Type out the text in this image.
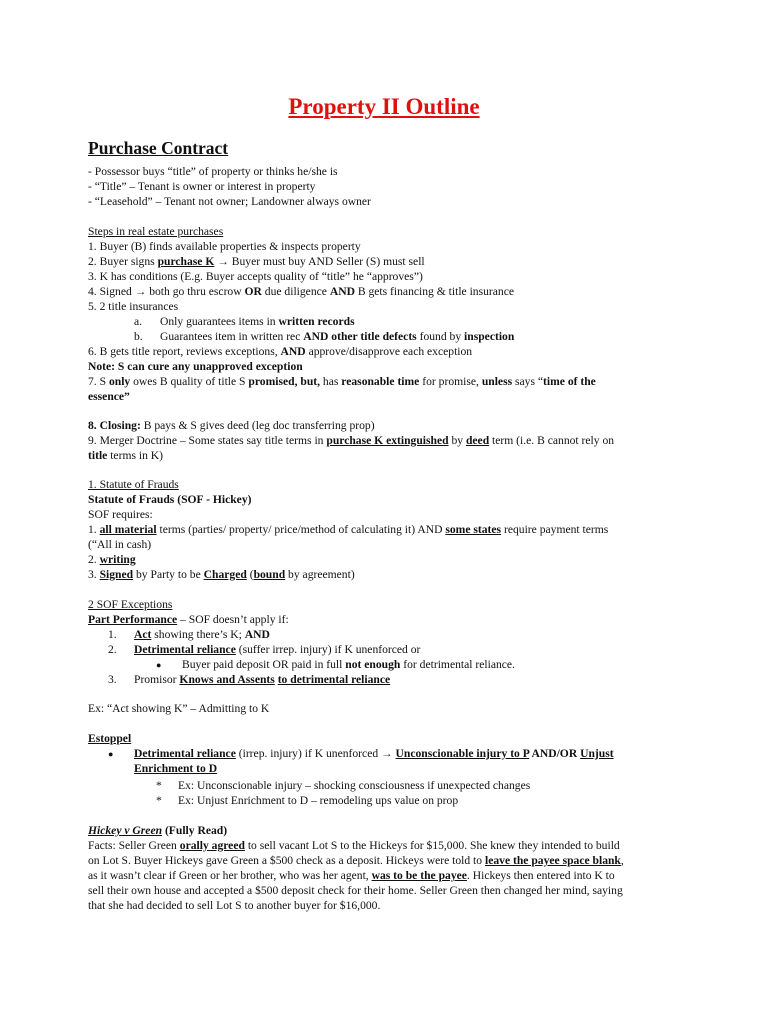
Property II Outline
Purchase Contract
- Possessor buys “title” of property or thinks he/she is
- “Title” – Tenant is owner or interest in property
- “Leasehold” – Tenant not owner; Landowner always owner
Steps in real estate purchases
1. Buyer (B) finds available properties & inspects property
2. Buyer signs purchase K → Buyer must buy AND Seller (S) must sell
3. K has conditions (E.g. Buyer accepts quality of “title” he “approves”)
4. Signed → both go thru escrow OR due diligence AND B gets financing & title insurance
5. 2 title insurances
a. Only guarantees items in written records
b. Guarantees item in written rec AND other title defects found by inspection
6. B gets title report, reviews exceptions, AND approve/disapprove each exception
Note: S can cure any unapproved exception
7. S only owes B quality of title S promised, but, has reasonable time for promise, unless says “time of the
essence”
8. Closing: B pays & S gives deed (leg doc transferring prop)
9. Merger Doctrine – Some states say title terms in purchase K extinguished by deed term (i.e. B cannot rely on
title terms in K)
1. Statute of Frauds
Statute of Frauds (SOF - Hickey)
SOF requires:
1. all material terms (parties/ property/ price/method of calculating it) AND some states require payment terms
(“All in cash)
2. writing
3. Signed by Party to be Charged (bound by agreement)
2 SOF Exceptions
Part Performance – SOF doesn’t apply if:
1. Act showing there’s K; AND
2. Detrimental reliance (suffer irrep. injury) if K unenforced or
● Buyer paid deposit OR paid in full not enough for detrimental reliance.
3. Promisor Knows and Assents to detrimental reliance
Ex: “Act showing K” – Admitting to K
Estoppel
● Detrimental reliance (irrep. injury) if K unenforced → Unconscionable injury to P AND/OR Unjust
Enrichment to D
* Ex: Unconscionable injury – shocking consciousness if unexpected changes
* Ex: Unjust Enrichment to D – remodeling ups value on prop
Hickey v Green (Fully Read)
Facts: Seller Green orally agreed to sell vacant Lot S to the Hickeys for $15,000. She knew they intended to build
on Lot S. Buyer Hickeys gave Green a $500 check as a deposit. Hickeys were told to leave the payee space blank,
as it wasn’t clear if Green or her brother, who was her agent, was to be the payee. Hickeys then entered into K to
sell their own house and accepted a $500 deposit check for their home. Seller Green then changed her mind, saying
that she had decided to sell Lot S to another buyer for $16,000.
